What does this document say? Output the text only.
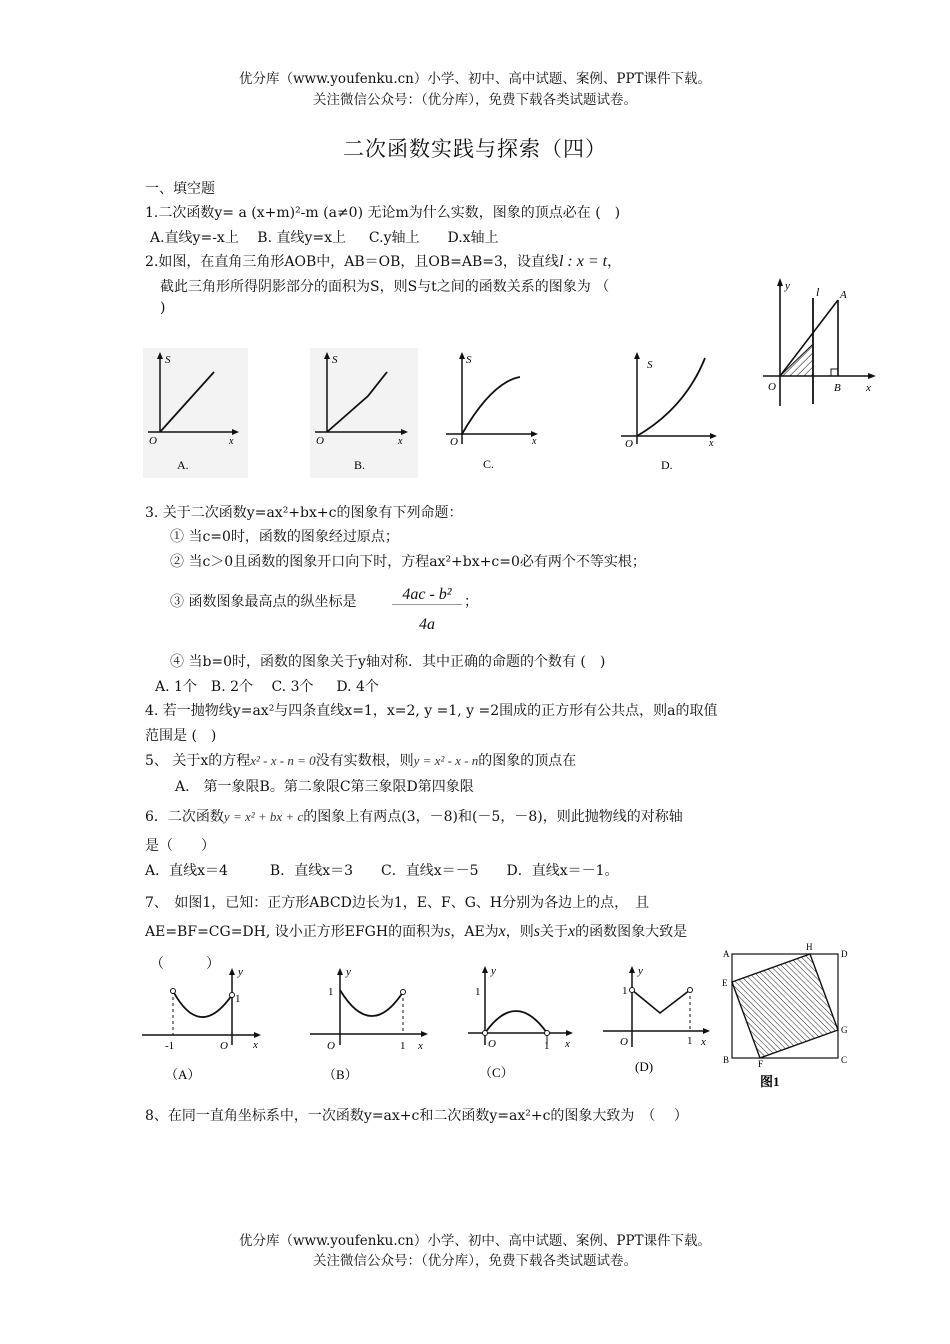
优分库（www.youfenku.cn）小学、初中、高中试题、案例、PPT课件下载。
关注微信公众号：（优分库），免费下载各类试题试卷。
二次函数实践与探索（四）
一、填空题
1.二次函数y= a (x+m)²-m (a≠0) 无论m为什么实数，图象的顶点必在 (　)
A.直线y=-x上　 B. 直线y=x上 　 C.y轴上　　D.x轴上
2.如图，在直角三角形AOB中，AB＝OB，且OB=AB=3，设直线l : x = t，
截此三角形所得阴影部分的面积为S，则S与t之间的函数关系的图象为 （
)
y l A
O	B x
S
O	x
A.
S
O	x
B.
S
O	x
C.
S
O	x
D.
3. 关于二次函数y=ax²+bx+c的图象有下列命题：
① 当c=0时，函数的图象经过原点；
② 当c＞0且函数的图象开口向下时，方程ax²+bx+c=0必有两个不等实根；
③ 函数图象最高点的纵坐标是	4ac - b²
4a
；
④ 当b=0时，函数的图象关于y轴对称．其中正确的命题的个数有 (　)
A. 1个　B. 2个　 C. 3个 　 D. 4个
4. 若一抛物线y=ax²与四条直线x=1，x=2, y =1, y =2围成的正方形有公共点，则a的取值
范围是 (　)
5、 关于x的方程x² - x - n = 0没有实数根，则y = x² - x - n的图象的顶点在
A． 第一象限B。第二象限C第三象限D第四象限
6．二次函数y = x² + bx + c的图象上有两点(3，－8)和(－5，－8)，则此抛物线的对称轴
是（　　）
A．直线x＝4　　　B．直线x＝3　　C．直线x＝－5　　D．直线x＝－1。
7、 如图1，已知：正方形ABCD边长为1，E、F、G、H分别为各边上的点，　且
AE=BF=CG=DH, 设小正方形EFGH的面积为s，AE为x，则s关于x的函数图象大致是
（　　　） y
x
O
-1
1
（A）
y
x
O
1
1
（B）
y
x
O
1
1
（C）
y
x
O
1
1
(D)
A
H
D
E
G
B	F	C
图1
8、在同一直角坐标系中，一次函数y=ax+c和二次函数y=ax²+c的图象大致为　（　 ）
优分库（www.youfenku.cn）小学、初中、高中试题、案例、PPT课件下载。
关注微信公众号：（优分库），免费下载各类试题试卷。
